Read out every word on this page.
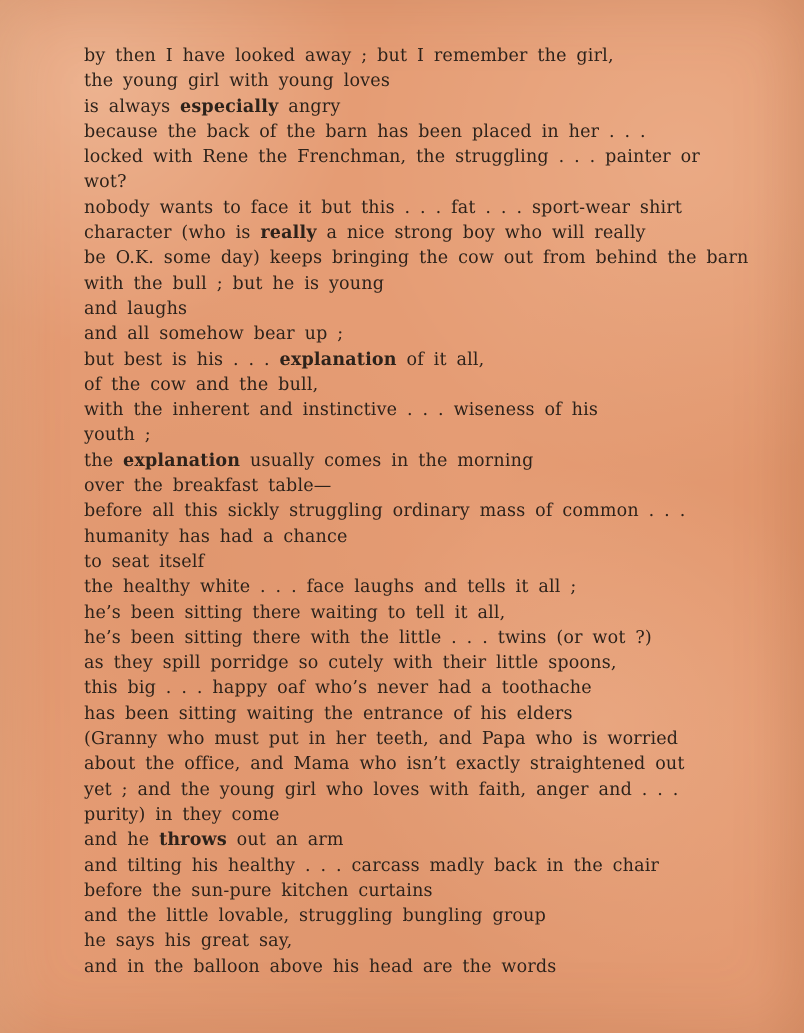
by then I have looked away ; but I remember the girl,
the young girl with young loves
is always especially angry
because the back of the barn has been placed in her . . .
locked with Rene the Frenchman, the struggling . . . painter or
wot?
nobody wants to face it but this . . . fat . . . sport-wear shirt
character (who is really a nice strong boy who will really
be O.K. some day) keeps bringing the cow out from behind the barn
with the bull ; but he is young
and laughs
and all somehow bear up ;
but best is his . . . explanation of it all,
of the cow and the bull,
with the inherent and instinctive . . . wiseness of his
youth ;
the explanation usually comes in the morning
over the breakfast table—
before all this sickly struggling ordinary mass of common . . .
humanity has had a chance
to seat itself
the healthy white . . . face laughs and tells it all ;
he’s been sitting there waiting to tell it all,
he’s been sitting there with the little . . . twins (or wot ?)
as they spill porridge so cutely with their little spoons,
this big . . . happy oaf who’s never had a toothache
has been sitting waiting the entrance of his elders
(Granny who must put in her teeth, and Papa who is worried
about the office, and Mama who isn’t exactly straightened out
yet ; and the young girl who loves with faith, anger and . . .
purity) in they come
and he throws out an arm
and tilting his healthy . . . carcass madly back in the chair
before the sun-pure kitchen curtains
and the little lovable, struggling bungling group
he says his great say,
and in the balloon above his head are the words
